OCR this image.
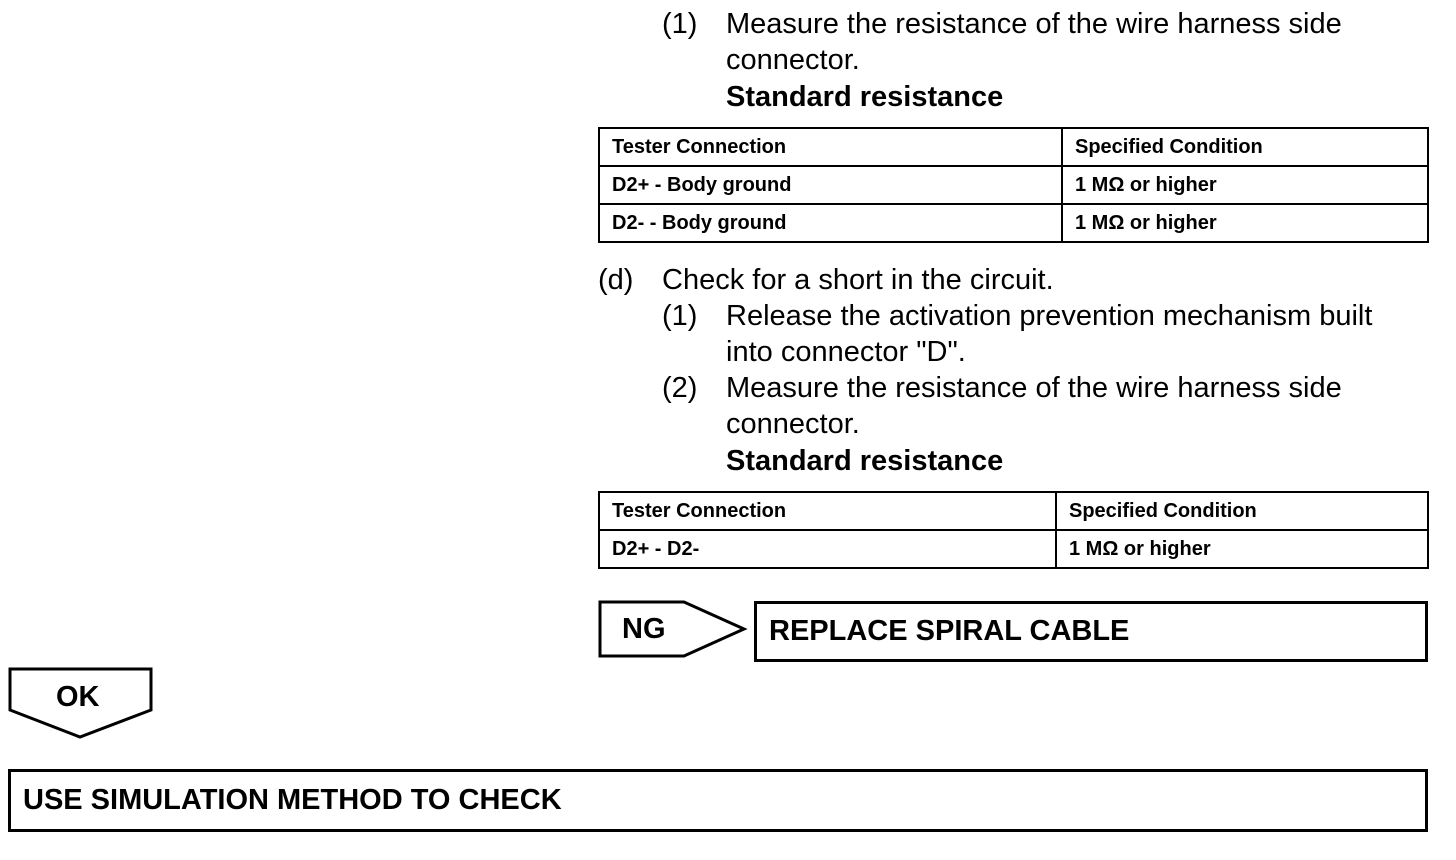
(1) Measure the resistance of the wire harness side
connector.
Standard resistance
Tester Connection	Specified Condition
D2+ - Body ground	1 MΩ or higher
D2- - Body ground	1 MΩ or higher
(d) Check for a short in the circuit.
(1) Release the activation prevention mechanism built
into connector "D".
(2) Measure the resistance of the wire harness side
connector.
Standard resistance
Tester Connection	Specified Condition
D2+ - D2-	1 MΩ or higher
NG
OK
REPLACE SPIRAL CABLE
USE SIMULATION METHOD TO CHECK
